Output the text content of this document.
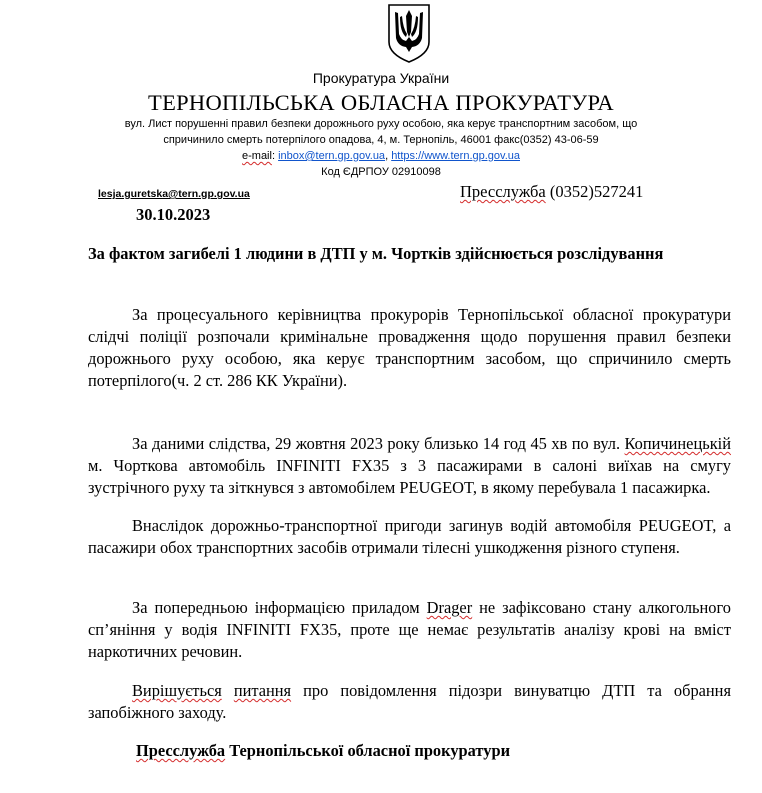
Прокуратура України
ТЕРНОПІЛЬСЬКА ОБЛАСНА ПРОКУРАТУРА
вул. Лист порушенні правил безпеки дорожнього руху особою, яка керує транспортним засобом, що
спричинило смерть потерпілого опадова, 4, м. Тернопіль, 46001 факс(0352) 43-06-59
e-mail: inbox@tern.gp.gov.ua, https://www.tern.gp.gov.ua
Код ЄДРПОУ 02910098
lesja.guretska@tern.gp.gov.ua	Пресслужба (0352)527241
30.10.2023
За фактом загибелі 1 людини в ДТП у м. Чортків здійснюється розслідування

За процесуального керівництва прокурорів Тернопільської обласної прокуратури слідчі поліції розпочали кримінальне провадження щодо порушення правил безпеки дорожнього руху особою, яка керує транспортним засобом, що спричинило смерть потерпілого(ч. 2 ст. 286 КК України).

За даними слідства, 29 жовтня 2023 року близько 14 год 45 хв по вул. Копичинецькій м. Чорткова автомобіль INFINITI FX35 з 3 пасажирами в салоні виїхав на смугу зустрічного руху та зіткнувся з автомобілем PEUGEOT, в якому перебувала 1 пасажирка.

Внаслідок дорожньо-транспортної пригоди загинув водій автомобіля PEUGEOT, а пасажири обох транспортних засобів отримали тілесні ушкодження різного ступеня.

За попередньою інформацією приладом Drager не зафіксовано стану алкогольного сп’яніння у водія INFINITI FX35, проте ще немає результатів аналізу крові на вміст наркотичних речовин.

Вирішується питання про повідомлення підозри винуватцю ДТП та обрання запобіжного заходу.

Пресслужба Тернопільської обласної прокуратури
